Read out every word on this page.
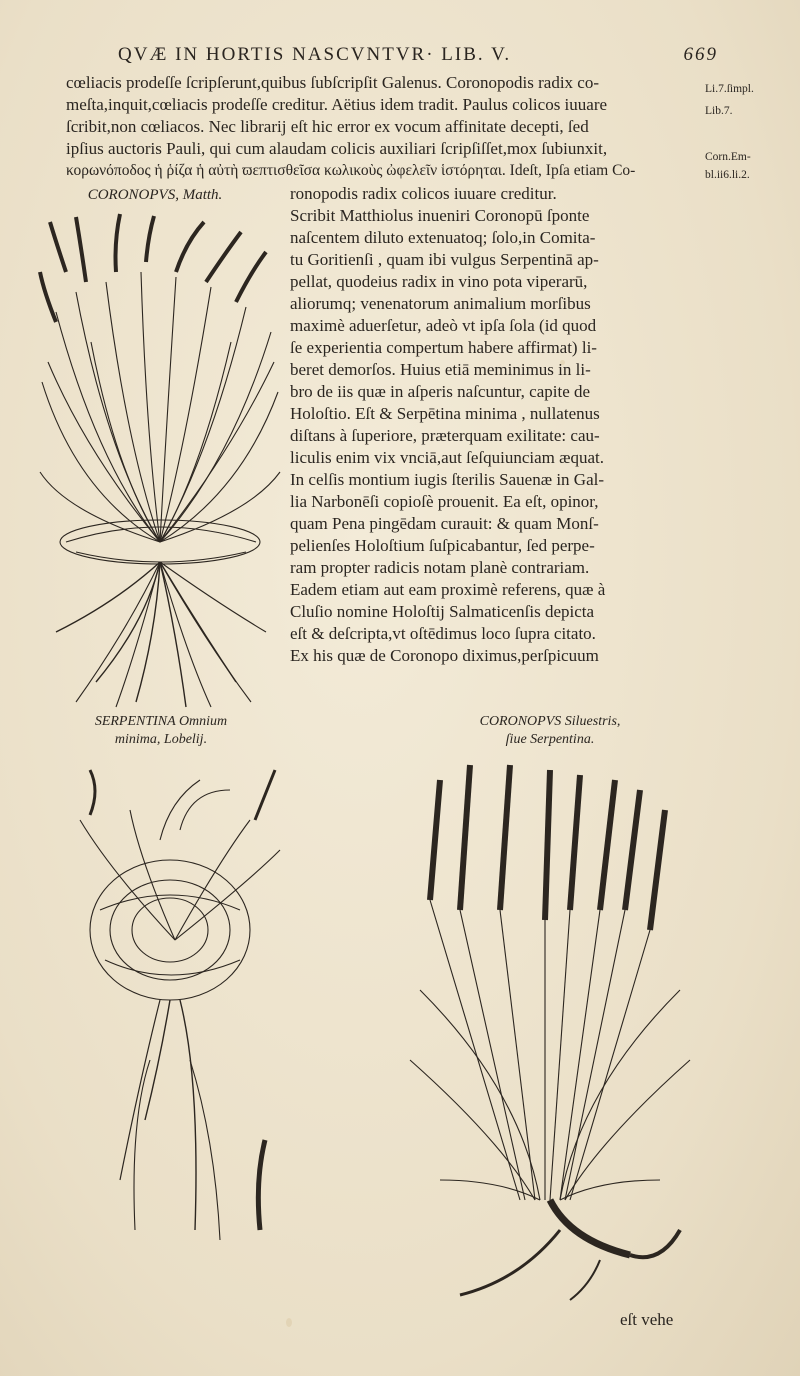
QVÆ IN HORTIS NASCVNTVR· LIB. V.	669
cœliacis prodeſſe ſcripſerunt,quibus ſubſcripſit Galenus. Coronopodis radix co-
meſta,inquit,cœliacis prodeſſe creditur. Aëtius idem tradit. Paulus colicos iuuare
ſcribit,non cœliacos. Nec librarij eſt hic error ex vocum affinitate decepti, ſed
ipſius auctoris Pauli, qui cum alaudam colicis auxiliari ſcripſiſſet,mox ſubiunxit,
κορωνόποδος ἡ ῥίζα ἡ αὐτὴ ϖεπτισθεῖσα κωλικοὺς ὠφελεῖν ἱστόρηται. Ideſt, Ipſa etiam Co-
ronopodis radix colicos iuuare creditur.
Scribit Matthiolus inueniri Coronopū ſponte
naſcentem diluto extenuatoq; ſolo,in Comita-
tu Goritienſi , quam ibi vulgus Serpentinā ap-
pellat, quodeius radix in vino pota viperarū,
aliorumq; venenatorum animalium morſibus
maximè aduerſetur, adeò vt ipſa ſola (id quod
ſe experientia compertum habere affirmat) li-
beret demorſos. Huius etiā meminimus in li-
bro de iis quæ in aſperis naſcuntur, capite de
Holoſtio. Eſt & Serpētina minima , nullatenus
diſtans à ſuperiore, præterquam exilitate: cau-
liculis enim vix vnciā,aut ſeſquiunciam æquat.
In celſis montium iugis ſterilis Sauenæ in Gal-
lia Narbonēſi copioſè prouenit. Ea eſt, opinor,
quam Pena pingēdam curauit: & quam Monſ-
pelienſes Holoſtium ſuſpicabantur, ſed perpe-
ram propter radicis notam planè contrariam.
Eadem etiam aut eam proximè referens, quæ à
Cluſio nomine Holoſtij Salmaticenſis depicta
eſt & deſcripta,vt oſtēdimus loco ſupra citato.
Ex his quæ de Coronopo diximus,perſpicuum
Li.7.ſimpl.
Lib.7.
Corn.Em-
bl.ii6.li.2.
CORONOPVS, Matth.
SERPENTINA Omnium
minima, Lobelij.
CORONOPVS Siluestris,
ſiue Serpentina.
eſt vehe
